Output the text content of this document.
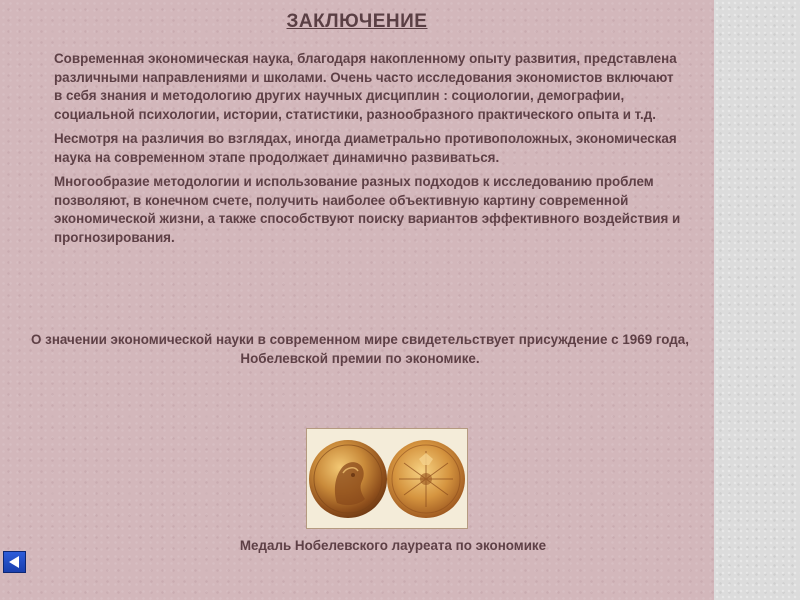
ЗАКЛЮЧЕНИЕ

Современная экономическая наука, благодаря накопленному опыту развития, представлена различными направлениями и школами. Очень часто исследования экономистов включают в себя знания и методологию других научных дисциплин : социологии, демографии, социальной психологии, истории, статистики, разнообразного практического опыта и т.д.

Несмотря на различия во взглядах, иногда диаметрально противоположных, экономическая наука на современном этапе продолжает динамично развиваться.

Многообразие методологии и использование разных подходов к исследованию проблем позволяют, в конечном счете, получить наиболее объективную картину современной экономической жизни, а также способствуют поиску вариантов эффективного воздействия и прогнозирования.

О значении экономической науки в современном мире свидетельствует присуждение с 1969 года, Нобелевской премии по экономике.
Медаль Нобелевского лауреата по экономике
